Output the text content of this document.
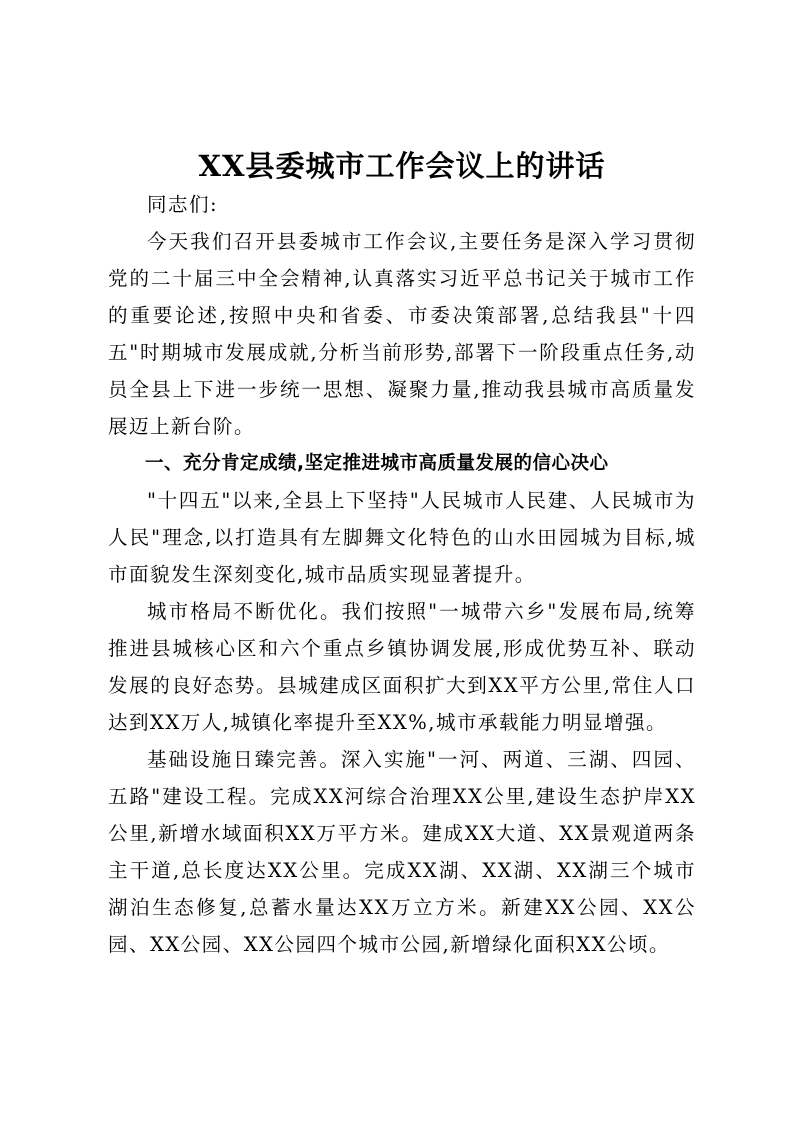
XX县委城市工作会议上的讲话

同志们:

今天我们召开县委城市工作会议,主要任务是深入学习贯彻党的二十届三中全会精神,认真落实习近平总书记关于城市工作的重要论述,按照中央和省委、市委决策部署,总结我县"十四五"时期城市发展成就,分析当前形势,部署下一阶段重点任务,动员全县上下进一步统一思想、凝聚力量,推动我县城市高质量发展迈上新台阶。

一、充分肯定成绩,坚定推进城市高质量发展的信心决心

"十四五"以来,全县上下坚持"人民城市人民建、人民城市为人民"理念,以打造具有左脚舞文化特色的山水田园城为目标,城市面貌发生深刻变化,城市品质实现显著提升。

城市格局不断优化。我们按照"一城带六乡"发展布局,统筹推进县城核心区和六个重点乡镇协调发展,形成优势互补、联动发展的良好态势。县城建成区面积扩大到XX平方公里,常住人口达到XX万人,城镇化率提升至XX%,城市承载能力明显增强。

基础设施日臻完善。深入实施"一河、两道、三湖、四园、五路"建设工程。完成XX河综合治理XX公里,建设生态护岸XX公里,新增水域面积XX万平方米。建成XX大道、XX景观道两条主干道,总长度达XX公里。完成XX湖、XX湖、XX湖三个城市湖泊生态修复,总蓄水量达XX万立方米。新建XX公园、XX公园、XX公园、XX公园四个城市公园,新增绿化面积XX公顷。
